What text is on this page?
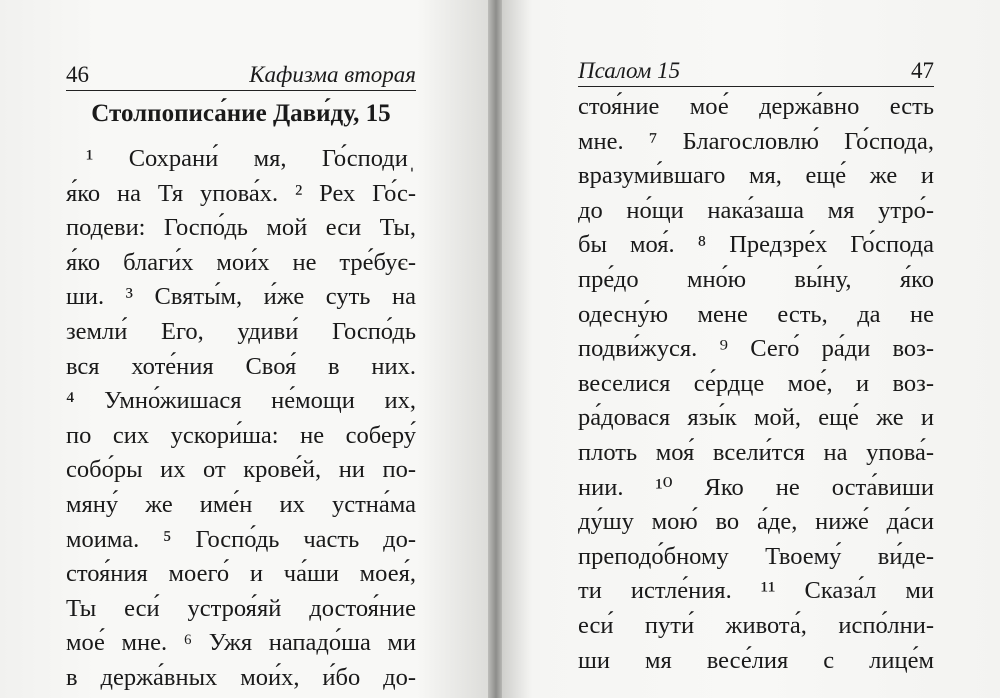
46	Кафизма вторая
Столпописа́ние Дави́ду, 15
¹ Сохрани́ мя, Го́сподиˌ
я́ко на Тя упова́х. ² Рех Го́с-
подеви: Госпо́дь мой еси Ты,
я́ко благи́х мои́х не тре́бує-
ши. ³ Святы́м, и́же суть на
земли́ Его, удиви́ Госпо́дь
вся хоте́ния Своя́ в них.
⁴ Умно́жишася не́мощи их,
по сих ускори́ша: не соберу́
собо́ры их от крове́й, ни по-
мяну́ же име́н их устна́ма
моима. ⁵ Госпо́дь часть до-
стоя́ния моего́ и ча́ши моея́,
Ты еси́ устроя́яй достоя́ние
мое́ мне. ⁶ Ужя нападо́ша ми
в держа́вных мои́х, и́бо до-
Псалом 15	47
стоя́ние мое́ держа́вно есть
мне. ⁷ Благословлю́ Го́спода,
вразуми́вшаго мя, еще́ же и
до но́щи нака́заша мя утро́-
бы моя́. ⁸ Предзре́х Го́спода
пре́до мно́ю вы́ну, я́ко
одесну́ю мене есть, да не
подви́жуся. ⁹ Сего́ ра́ди воз-
веселися се́рдце мое́, и воз-
ра́довася язы́к мой, еще́ же и
плоть моя́ всели́тся на упова́-
нии. ¹⁰ Яко не оста́виши
ду́шу мою́ во а́де, ниже́ да́си
преподо́бному Твоему́ ви́де-
ти истле́ния. ¹¹ Сказа́л ми
еси́ пути́ живота́, испо́лни-
ши мя весе́лия с лице́м
